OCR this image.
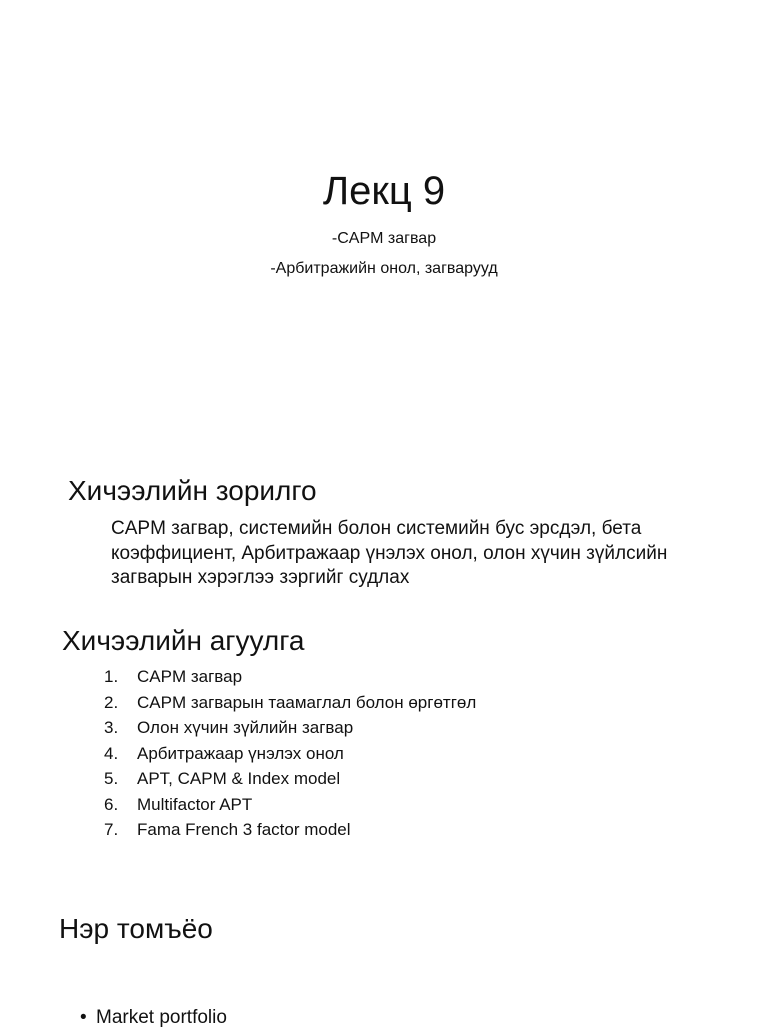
Лекц 9
-CAPM загвар
-Арбитражийн онол, загварууд
Хичээлийн зорилго
CAPM загвар, системийн болон системийн бус эрсдэл, бета коэффициент, Арбитражаар үнэлэх онол, олон хүчин зүйлсийн загварын хэрэглээ зэргийг судлах
Хичээлийн агуулга
1. CAPM загвар
2. CAPM загварын таамаглал болон өргөтгөл
3. Олон хүчин зүйлийн загвар
4. Арбитражаар үнэлэх онол
5. APT, CAPM & Index model
6. Multifactor APT
7. Fama French 3 factor model
Нэр томъёо
• Market portfolio
